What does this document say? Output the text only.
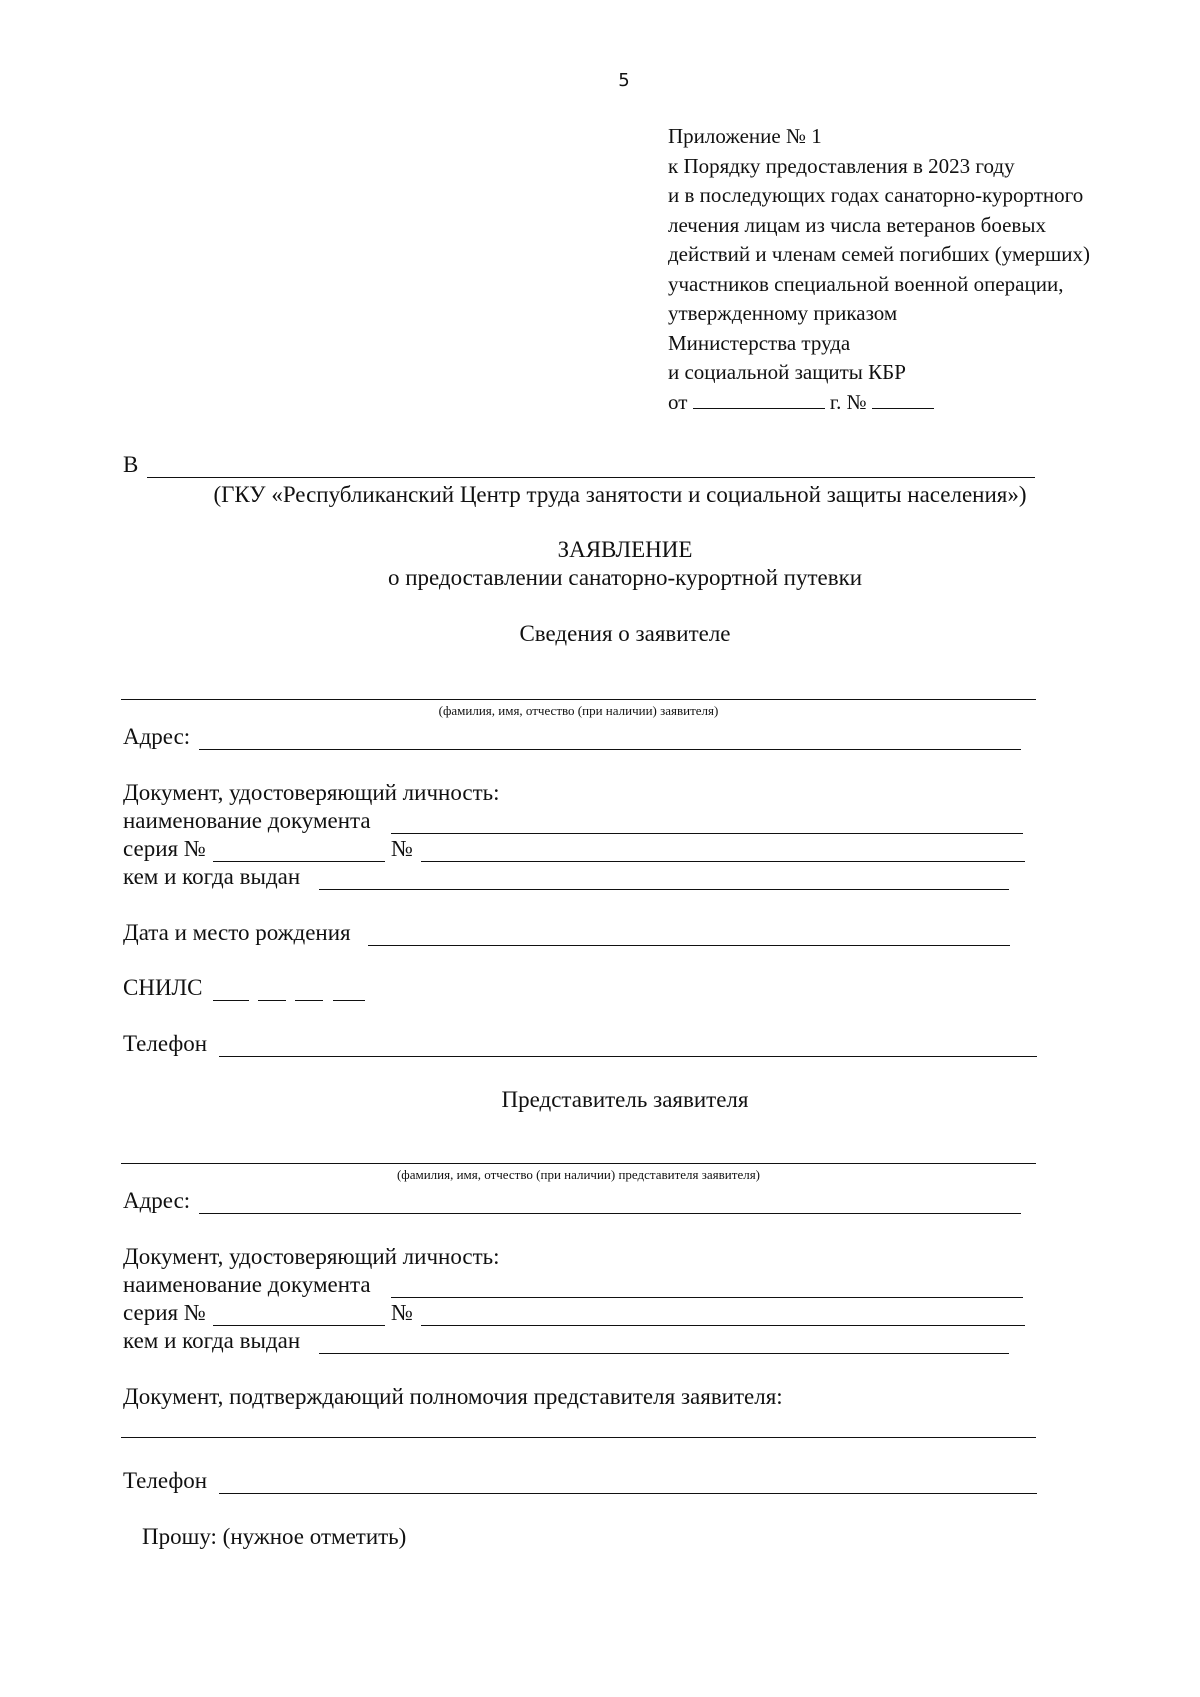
5
Приложение № 1
к Порядку предоставления в 2023 году
и в последующих годах санаторно-курортного
лечения лицам из числа ветеранов боевых
действий и членам семей погибших (умерших)
участников специальной военной операции,
утвержденному приказом
Министерства труда
и социальной защиты КБР
от	г. №
В
(ГКУ «Республиканский Центр труда занятости и социальной защиты населения»)
ЗАЯВЛЕНИЕ
о предоставлении санаторно-курортной путевки
Сведения о заявителе
(фамилия, имя, отчество (при наличии) заявителя)
Адрес:
Документ, удостоверяющий личность:
наименование документа
серия №	№
кем и когда выдан
Дата и место рождения
СНИЛС
Телефон
Представитель заявителя
(фамилия, имя, отчество (при наличии) представителя заявителя)
Адрес:
Документ, удостоверяющий личность:
наименование документа
серия №	№
кем и когда выдан
Документ, подтверждающий полномочия представителя заявителя:
Телефон
Прошу: (нужное отметить)
